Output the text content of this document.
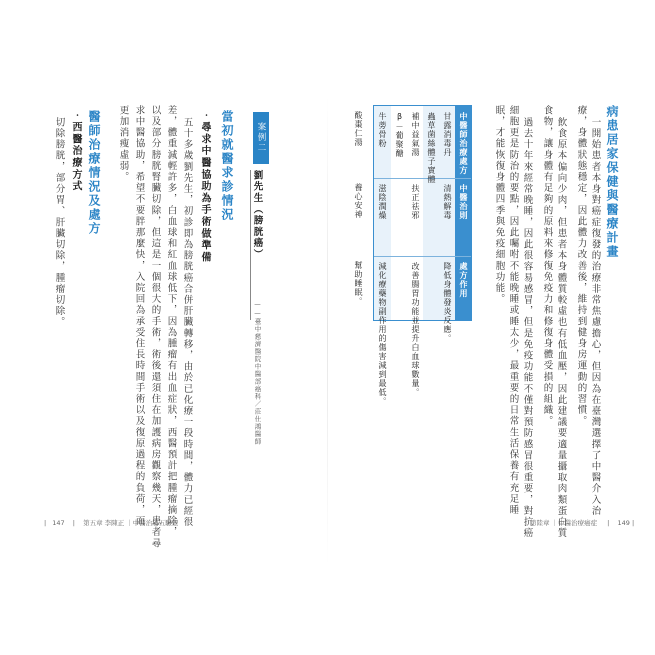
病患居家保健與醫療計畫
一開始患者本身對癌症復發的治療非常焦慮擔心，但因為在臺灣選擇了中醫介入治
療，身體狀態穩定，因此體力改善後，維持到健身房運動的習慣。
飲食原本偏向少肉，但患者本身體質較虛也有低血壓，因此建議要適量攝取肉類蛋白質
食物，讓身體有足夠的原料來修復免疫力和修復身體受損的組織。
過去十年來經常晚睡，因此很容易感冒，但是免疫功能不僅對預防感冒很重要，對抗癌
細胞更是防治的要點，因此囑咐不能晚睡或睡太少，最重要的日常生活保養有充足睡
眠，才能恢復身體四季與免疫細胞功能。
中醫師治療處方
中醫治則
處方作用
甘露消毒丹
清熱解毒
降低身體發炎反應。
蟲草菌絲體子實體
補中益氣湯
扶正祛邪
改善腸胃功能並提升白血球數量。
β－葡聚醣
牛蒡骨粉
滋陰潤燥
減化療藥物副作用的傷害減到最低。
酸棗仁湯
養心安神
幫助睡眠。
第陸章 ｜中醫治療癌症 | 149 |
案例二
劉先生（膀胱癌）
——臺中慈濟醫院中醫部癌科／莊仕鴻醫師
當初就醫求診情況
‧尋求中醫協助為手術做準備
五十多歲劉先生，初診即為膀胱癌合併肝臟轉移，由於已化療一段時間，體力已經很
差，體重減輕許多，白血球和紅血球低下，因為腫瘤有出血症狀，西醫預計把腫瘤摘除，
以及部分膀胱腎臟切除，但這是一個很大的手術，術後還須住在加護病房觀察幾天，患者尋
求中醫協助，希望不要胖那麼快，入院回為承受住長時間手術以及復原過程的負荷，而
更加消瘦虛弱。
醫師治療情況及處方
‧西醫治療方式
切除膀胱，部分胃、肝臟切除，腫瘤切除。
| 147 | 第五章 李陳正 ｜中醫治癌五驗塑
